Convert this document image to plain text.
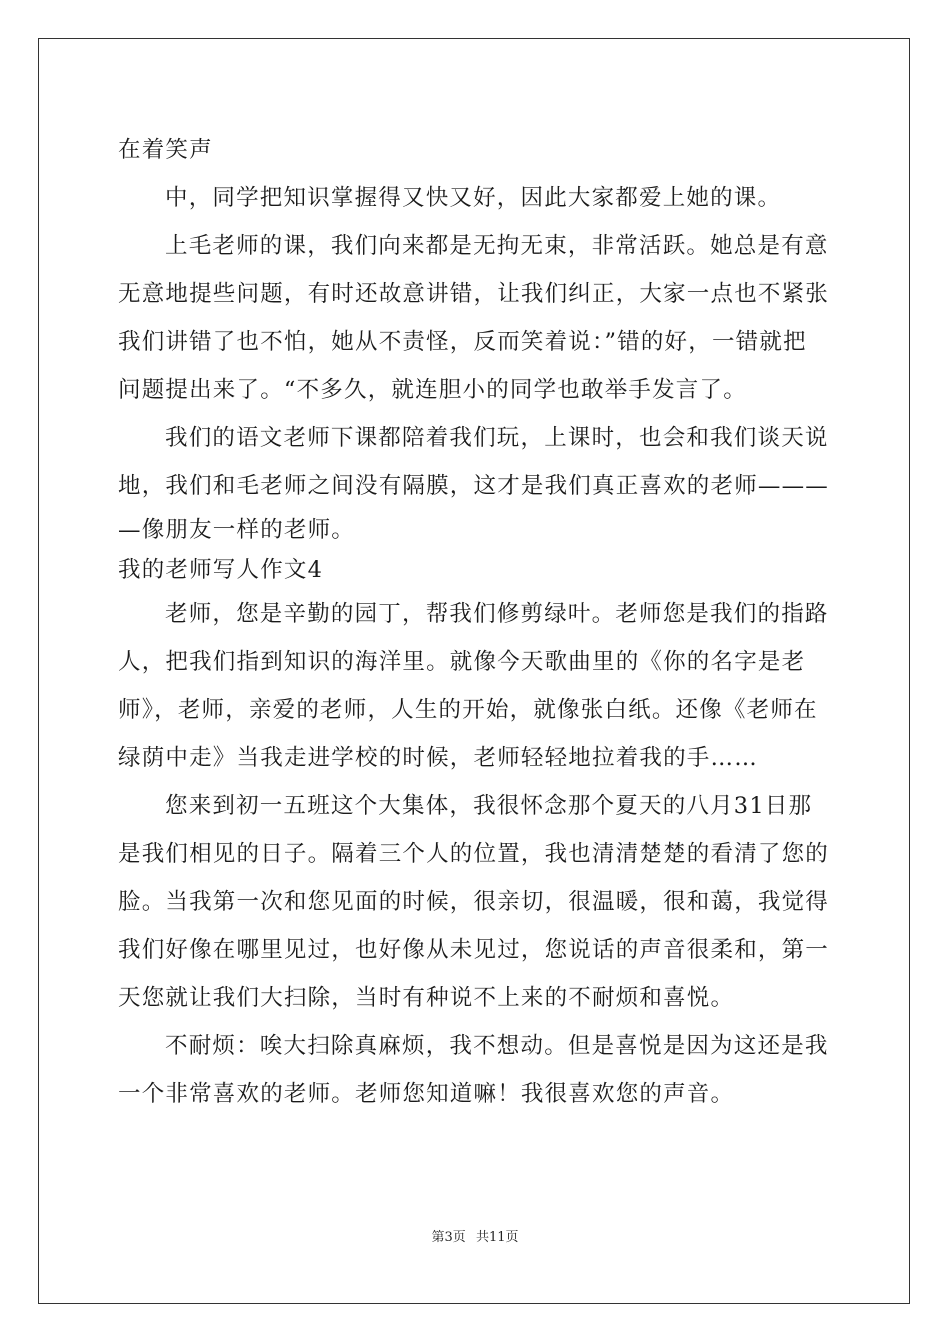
在着笑声
中，同学把知识掌握得又快又好，因此大家都爱上她的课。
上毛老师的课，我们向来都是无拘无束，非常活跃。她总是有意
无意地提些问题，有时还故意讲错，让我们纠正，大家一点也不紧张
我们讲错了也不怕，她从不责怪，反而笑着说：”错的好，一错就把
问题提出来了。“不多久，就连胆小的同学也敢举手发言了。
我们的语文老师下课都陪着我们玩，上课时，也会和我们谈天说
地，我们和毛老师之间没有隔膜，这才是我们真正喜欢的老师———
—像朋友一样的老师。
我的老师写人作文4
老师，您是辛勤的园丁，帮我们修剪绿叶。老师您是我们的指路
人，把我们指到知识的海洋里。就像今天歌曲里的《你的名字是老
师》，老师，亲爱的老师，人生的开始，就像张白纸。还像《老师在
绿荫中走》当我走进学校的时候，老师轻轻地拉着我的手……
您来到初一五班这个大集体，我很怀念那个夏天的八月31日那
是我们相见的日子。隔着三个人的位置，我也清清楚楚的看清了您的
脸。当我第一次和您见面的时候，很亲切，很温暖，很和蔼，我觉得
我们好像在哪里见过，也好像从未见过，您说话的声音很柔和，第一
天您就让我们大扫除，当时有种说不上来的不耐烦和喜悦。
不耐烦：唉大扫除真麻烦，我不想动。但是喜悦是因为这还是我
一个非常喜欢的老师。老师您知道嘛！我很喜欢您的声音。
第3页 共11页
